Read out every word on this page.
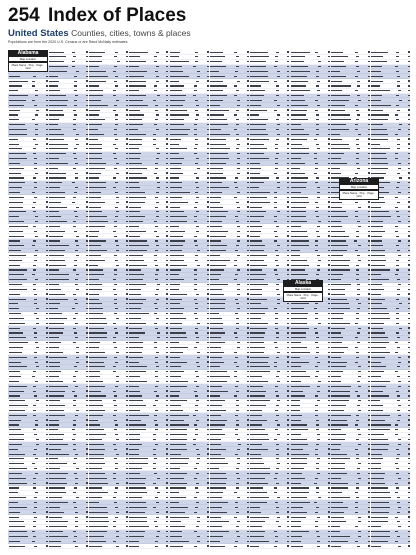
254 Index of Places
United States Counties, cities, towns & places
Populations are from the 2020 U.S. Census or are Rand McNally estimates.
Alabama
Map Location
Place Name · Pop. · Page · Grid
Alaska
Map Location
Place Name · Pop. · Page · Grid
Arizona
Map Location
Place Name · Pop. · Page · Grid
